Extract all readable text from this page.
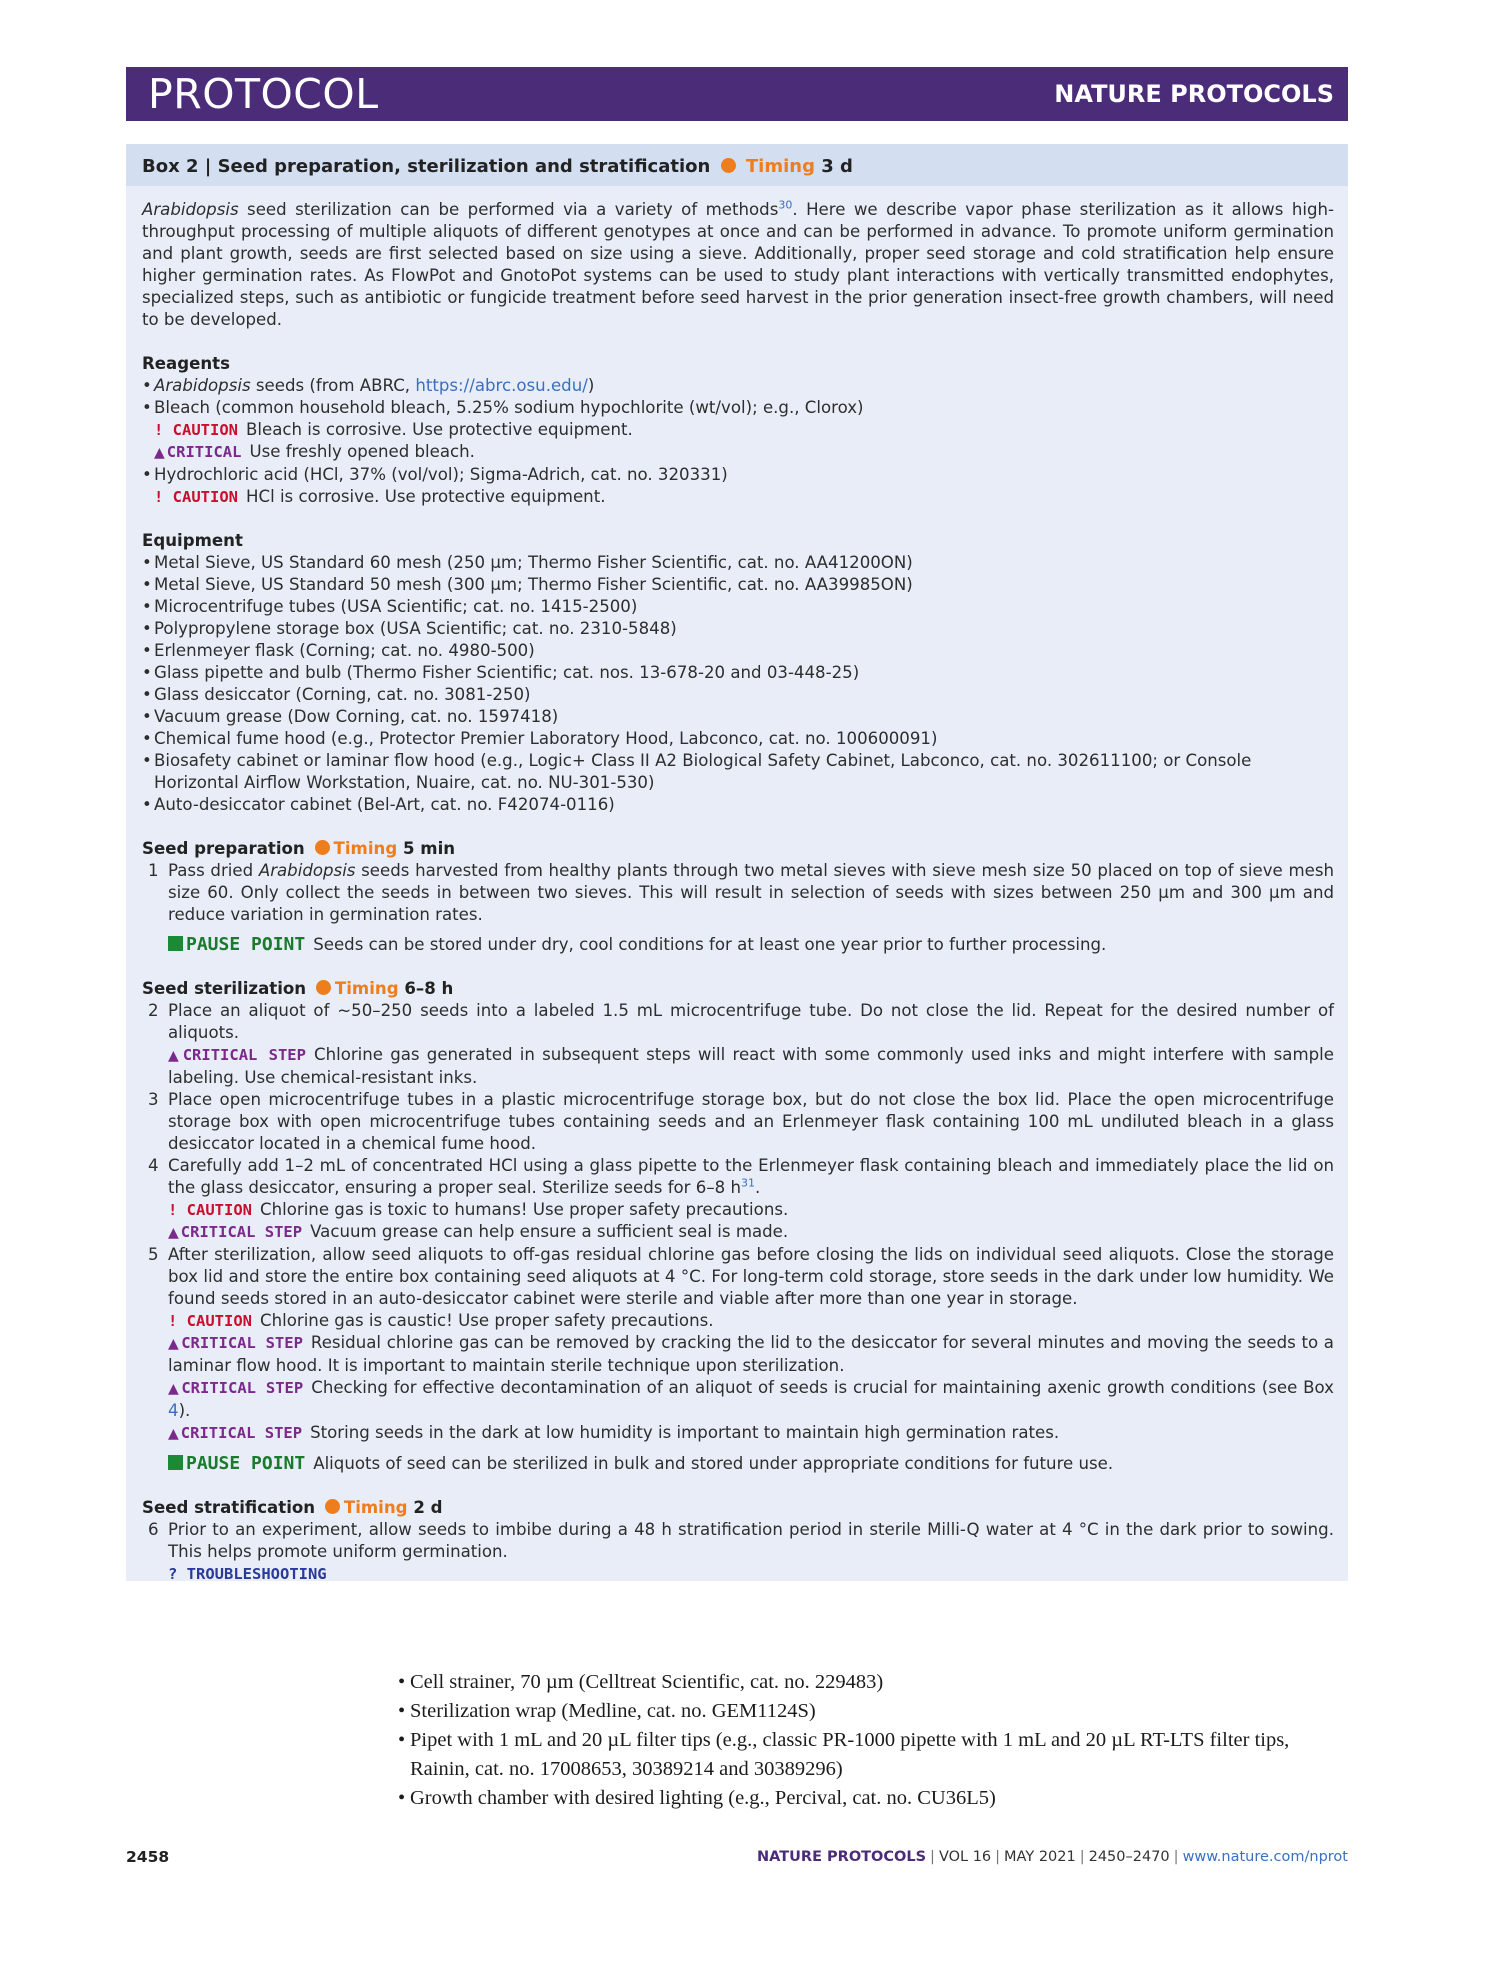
PROTOCOL	NATURE PROTOCOLS
Box 2 | Seed preparation, sterilization and stratification Timing 3 d

Arabidopsis seed sterilization can be performed via a variety of methods$^{30}$. Here we describe vapor phase sterilization as it allows high-throughput processing of multiple aliquots of different genotypes at once and can be performed in advance. To promote uniform germination and plant growth, seeds are first selected based on size using a sieve. Additionally, proper seed storage and cold stratification help ensure higher germination rates. As FlowPot and GnotoPot systems can be used to study plant interactions with vertically transmitted endophytes, specialized steps, such as antibiotic or fungicide treatment before seed harvest in the prior generation insect-free growth chambers, will need to be developed.

Reagents

• Arabidopsis seeds (from ABRC, https://abrc.osu.edu/)
• Bleach (common household bleach, 5.25% sodium hypochlorite (wt/vol); e.g., Clorox)
! CAUTION Bleach is corrosive. Use protective equipment.
▲ CRITICAL Use freshly opened bleach.
• Hydrochloric acid (HCl, 37% (vol/vol); Sigma-Adrich, cat. no. 320331)
! CAUTION HCl is corrosive. Use protective equipment.

Equipment

• Metal Sieve, US Standard 60 mesh (250 µm; Thermo Fisher Scientific, cat. no. AA41200ON)
• Metal Sieve, US Standard 50 mesh (300 µm; Thermo Fisher Scientific, cat. no. AA39985ON)
• Microcentrifuge tubes (USA Scientific; cat. no. 1415-2500)
• Polypropylene storage box (USA Scientific; cat. no. 2310-5848)
• Erlenmeyer flask (Corning; cat. no. 4980-500)
• Glass pipette and bulb (Thermo Fisher Scientific; cat. nos. 13-678-20 and 03-448-25)
• Glass desiccator (Corning, cat. no. 3081-250)
• Vacuum grease (Dow Corning, cat. no. 1597418)
• Chemical fume hood (e.g., Protector Premier Laboratory Hood, Labconco, cat. no. 100600091)
• Biosafety cabinet or laminar flow hood (e.g., Logic+ Class II A2 Biological Safety Cabinet, Labconco, cat. no. 302611100; or Console Horizontal Airflow Workstation, Nuaire, cat. no. NU-301-530)
• Auto-desiccator cabinet (Bel-Art, cat. no. F42074-0116)

Seed preparation Timing 5 min

1 Pass dried Arabidopsis seeds harvested from healthy plants through two metal sieves with sieve mesh size 50 placed on top of sieve mesh size 60. Only collect the seeds in between two sieves. This will result in selection of seeds with sizes between 250 µm and 300 µm and reduce variation in germination rates.
PAUSE POINT Seeds can be stored under dry, cool conditions for at least one year prior to further processing.

Seed sterilization Timing 6–8 h

2 Place an aliquot of ~50–250 seeds into a labeled 1.5 mL microcentrifuge tube. Do not close the lid. Repeat for the desired number of aliquots.
▲ CRITICAL STEP Chlorine gas generated in subsequent steps will react with some commonly used inks and might interfere with sample labeling. Use chemical-resistant inks.
3 Place open microcentrifuge tubes in a plastic microcentrifuge storage box, but do not close the box lid. Place the open microcentrifuge storage box with open microcentrifuge tubes containing seeds and an Erlenmeyer flask containing 100 mL undiluted bleach in a glass desiccator located in a chemical fume hood.
4 Carefully add 1–2 mL of concentrated HCl using a glass pipette to the Erlenmeyer flask containing bleach and immediately place the lid on the glass desiccator, ensuring a proper seal. Sterilize seeds for 6–8 $h^{31}$.
! CAUTION Chlorine gas is toxic to humans! Use proper safety precautions.
▲ CRITICAL STEP Vacuum grease can help ensure a sufficient seal is made.
5 After sterilization, allow seed aliquots to off-gas residual chlorine gas before closing the lids on individual seed aliquots. Close the storage box lid and store the entire box containing seed aliquots at 4 °C. For long-term cold storage, store seeds in the dark under low humidity. We found seeds stored in an auto-desiccator cabinet were sterile and viable after more than one year in storage.
! CAUTION Chlorine gas is caustic! Use proper safety precautions.
▲ CRITICAL STEP Residual chlorine gas can be removed by cracking the lid to the desiccator for several minutes and moving the seeds to a laminar flow hood. It is important to maintain sterile technique upon sterilization.
▲ CRITICAL STEP Checking for effective decontamination of an aliquot of seeds is crucial for maintaining axenic growth conditions (see Box 4).
▲ CRITICAL STEP Storing seeds in the dark at low humidity is important to maintain high germination rates.
PAUSE POINT Aliquots of seed can be sterilized in bulk and stored under appropriate conditions for future use.

Seed stratification Timing 2 d

6 Prior to an experiment, allow seeds to imbibe during a 48 h stratification period in sterile Milli-Q water at 4 °C in the dark prior to sowing. This helps promote uniform germination.
? TROUBLESHOOTING
• Cell strainer, 70 µm (Celltreat Scientific, cat. no. 229483)
• Sterilization wrap (Medline, cat. no. GEM1124S)
• Pipet with 1 mL and 20 µL filter tips (e.g., classic PR-1000 pipette with 1 mL and 20 µL RT-LTS filter tips, Rainin, cat. no. 17008653, 30389214 and 30389296)
• Growth chamber with desired lighting (e.g., Percival, cat. no. CU36L5)
2458	NATURE PROTOCOLS | VOL 16 | MAY 2021 | 2450–2470 | www.nature.com/nprot
